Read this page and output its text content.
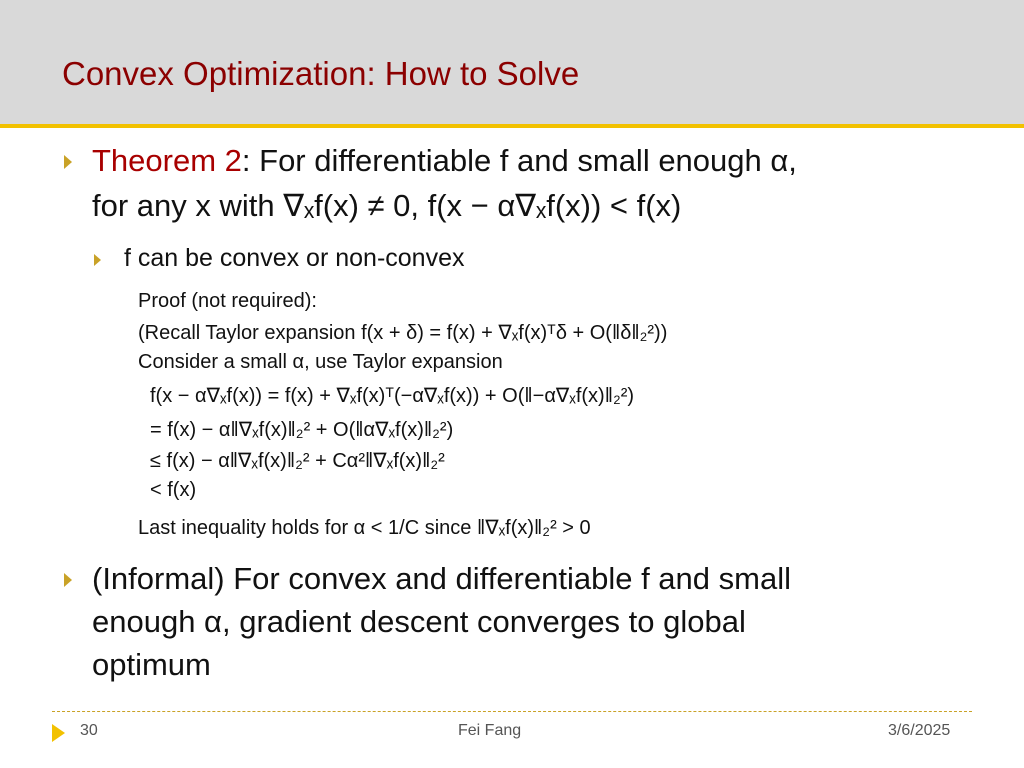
Convex Optimization: How to Solve
Theorem 2: For differentiable f and small enough α,
for any x with ∇ₓf(x) ≠ 0, f(x − α∇ₓf(x)) < f(x)
f can be convex or non-convex
Proof (not required):
(Recall Taylor expansion f(x + δ) = f(x) + ∇ₓf(x)ᵀδ + O(‖δ‖₂²))
Consider a small α, use Taylor expansion
f(x − α∇ₓf(x)) = f(x) + ∇ₓf(x)ᵀ(−α∇ₓf(x)) + O(‖−α∇ₓf(x)‖₂²)
= f(x) − α‖∇ₓf(x)‖₂² + O(‖α∇ₓf(x)‖₂²)
≤ f(x) − α‖∇ₓf(x)‖₂² + Cα²‖∇ₓf(x)‖₂²
< f(x)
Last inequality holds for α < 1/C since ‖∇ₓf(x)‖₂² > 0
(Informal) For convex and differentiable f and small
enough α, gradient descent converges to global
optimum
30	Fei Fang	3/6/2025
